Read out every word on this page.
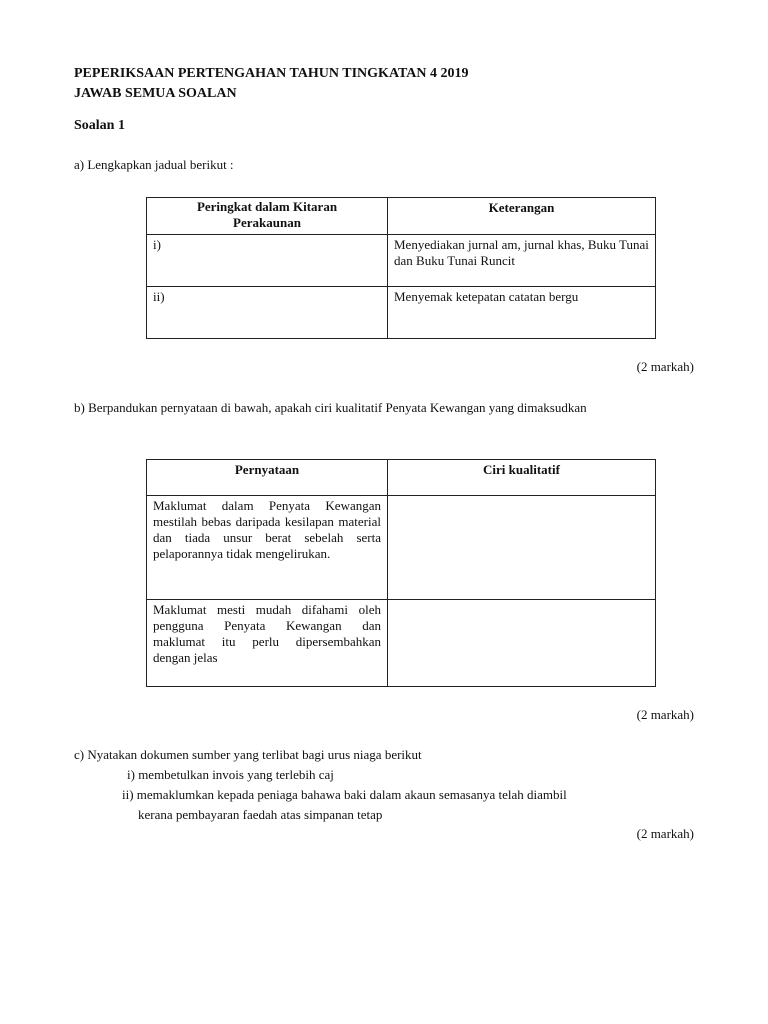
PEPERIKSAAN PERTENGAHAN TAHUN TINGKATAN 4 2019
JAWAB SEMUA SOALAN
Soalan 1
a) Lengkapkan jadual berikut :
Peringkat dalam Kitaran Perakaunan	Keterangan
i)	Menyediakan jurnal am, jurnal khas, Buku Tunai dan Buku Tunai Runcit
ii)	Menyemak ketepatan catatan bergu
(2 markah)
b) Berpandukan pernyataan di bawah, apakah ciri kualitatif Penyata Kewangan yang dimaksudkan
Pernyataan	Ciri kualitatif
Maklumat dalam Penyata Kewangan mestilah bebas daripada kesilapan material dan tiada unsur berat sebelah serta pelaporannya tidak mengelirukan.	
Maklumat mesti mudah difahami oleh pengguna Penyata Kewangan dan maklumat itu perlu dipersembahkan dengan jelas	
(2 markah)
c) Nyatakan dokumen sumber yang terlibat bagi urus niaga berikut
i) membetulkan invois yang terlebih caj
ii) memaklumkan kepada peniaga bahawa baki dalam akaun semasanya telah diambil
kerana pembayaran faedah atas simpanan tetap
(2 markah)
